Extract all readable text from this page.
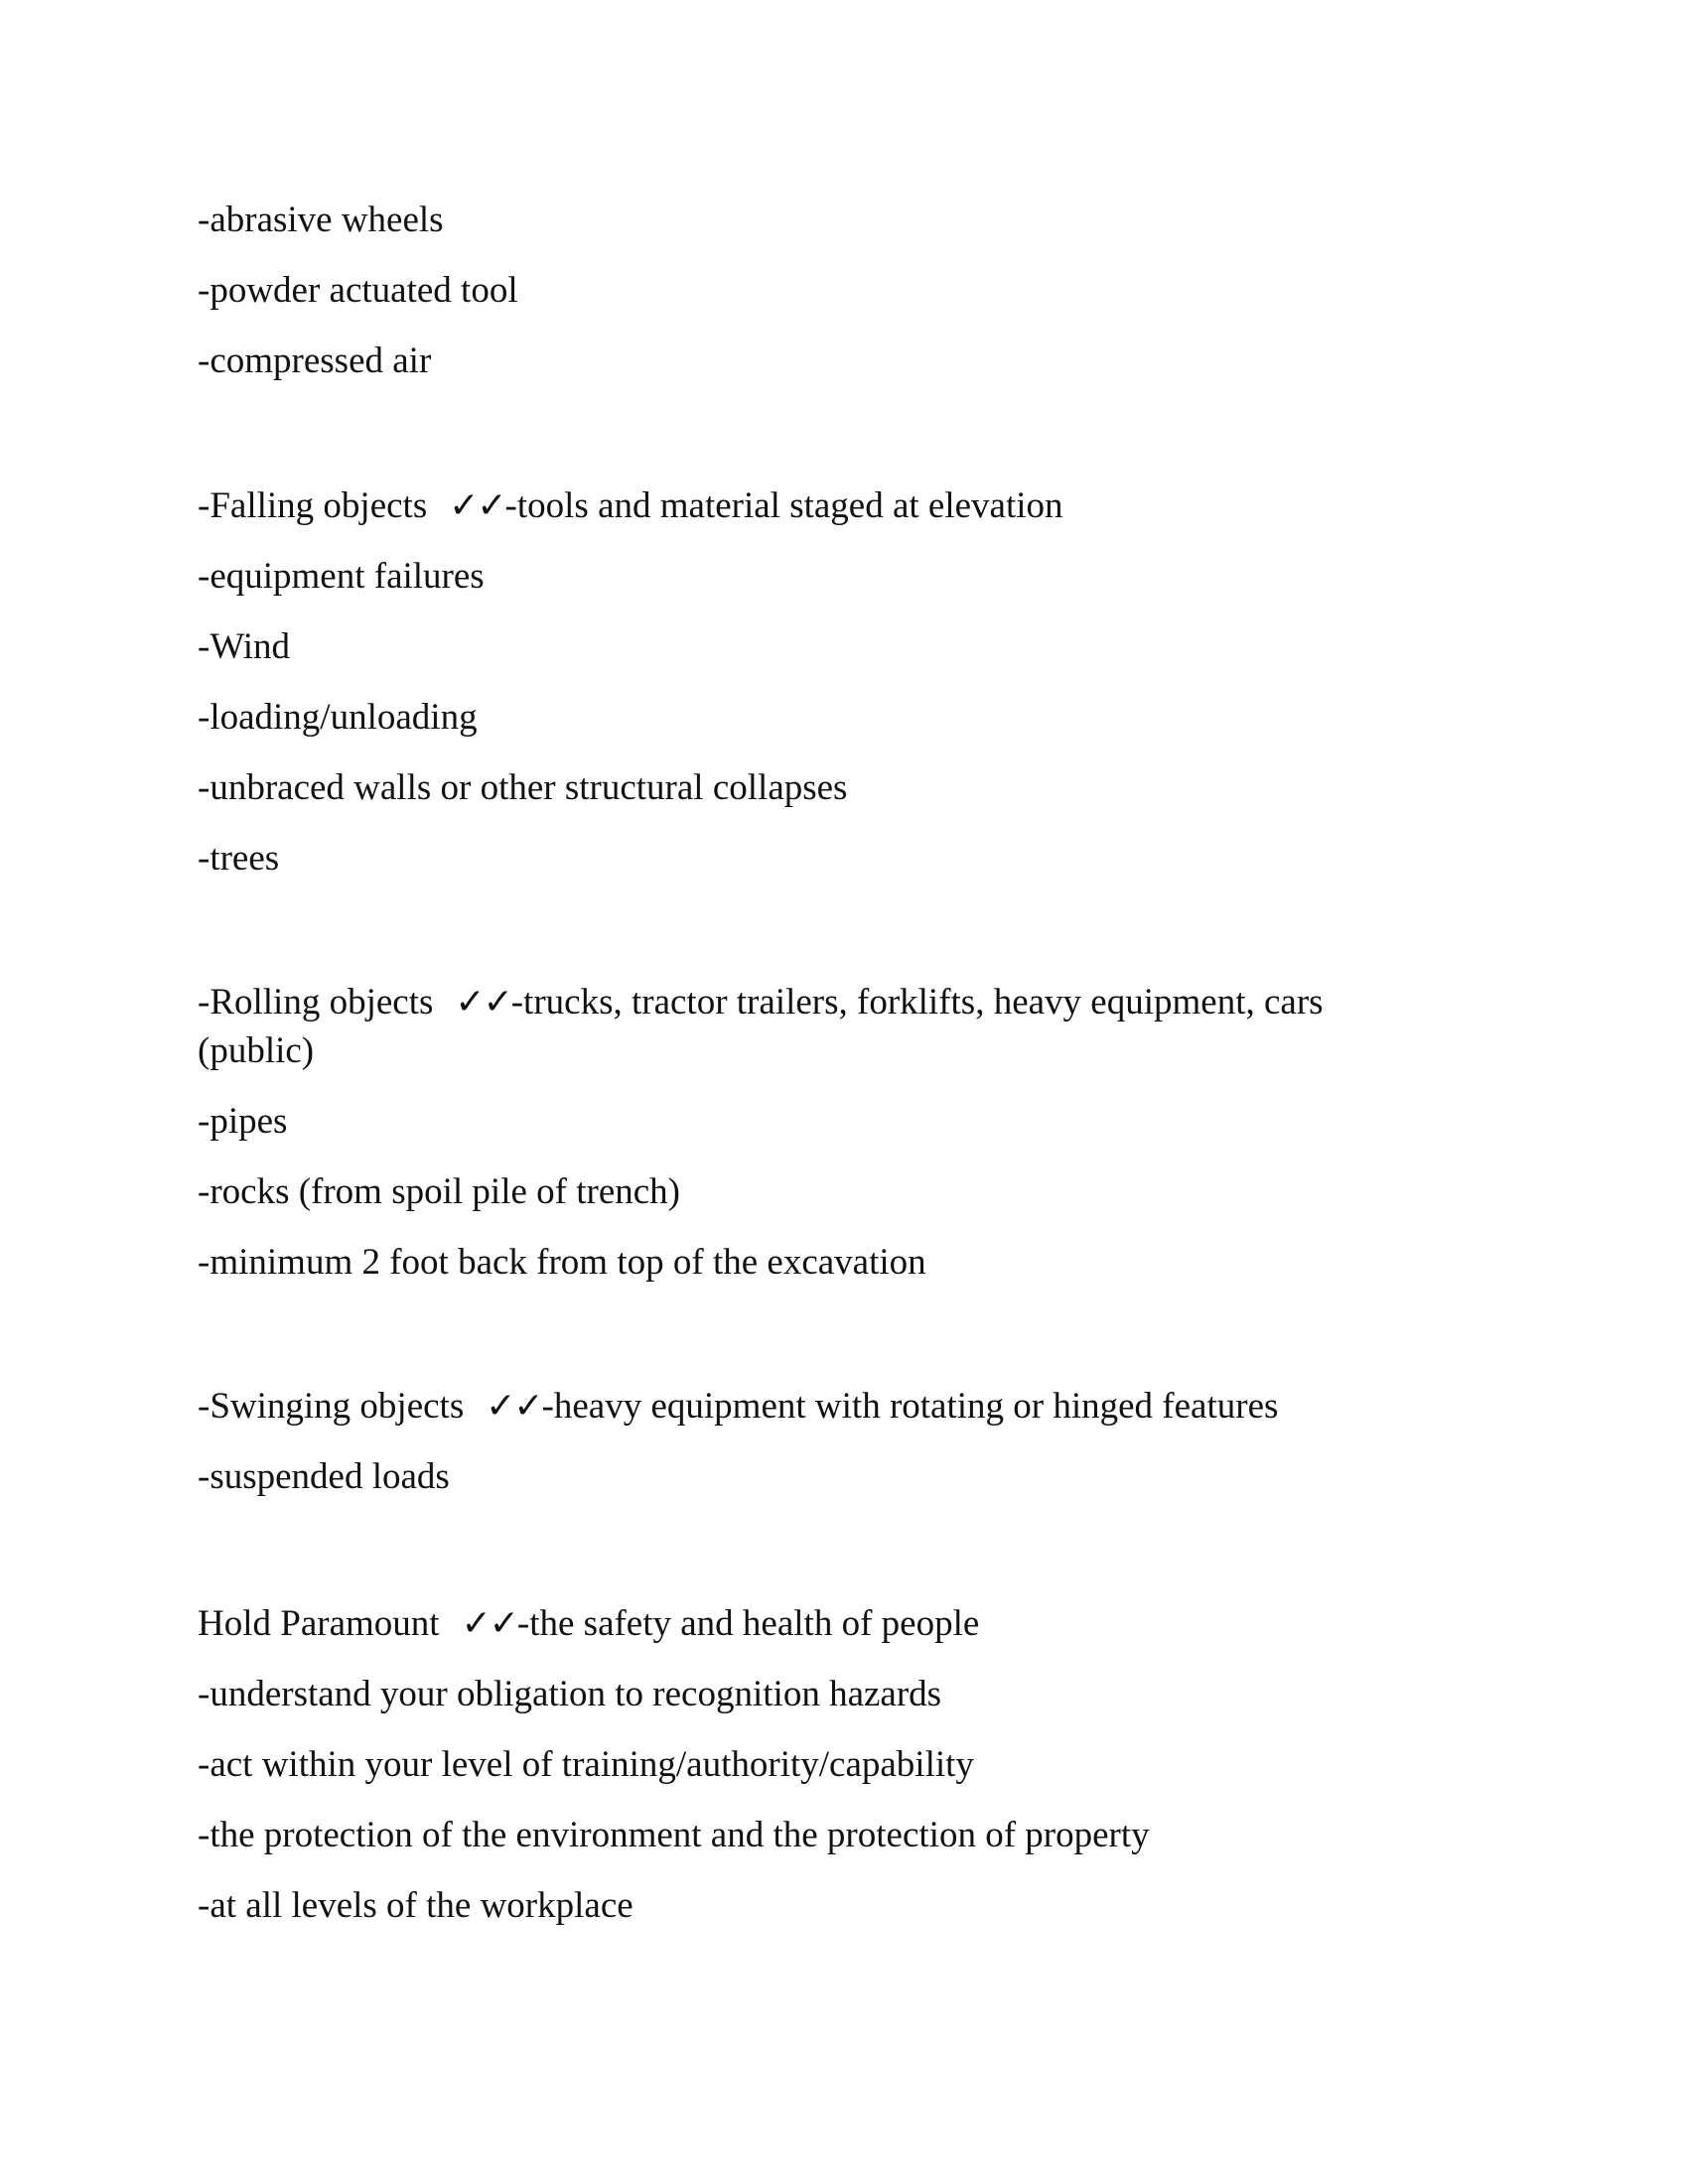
-abrasive wheels

-powder actuated tool

-compressed air

-Falling objects ✓✓-tools and material staged at elevation

-equipment failures

-Wind

-loading/unloading

-unbraced walls or other structural collapses

-trees

-Rolling objects ✓✓-trucks, tractor trailers, forklifts, heavy equipment, cars (public)

-pipes

-rocks (from spoil pile of trench)

-minimum 2 foot back from top of the excavation

-Swinging objects ✓✓-heavy equipment with rotating or hinged features

-suspended loads

Hold Paramount ✓✓-the safety and health of people

-understand your obligation to recognition hazards

-act within your level of training/authority/capability

-the protection of the environment and the protection of property

-at all levels of the workplace
